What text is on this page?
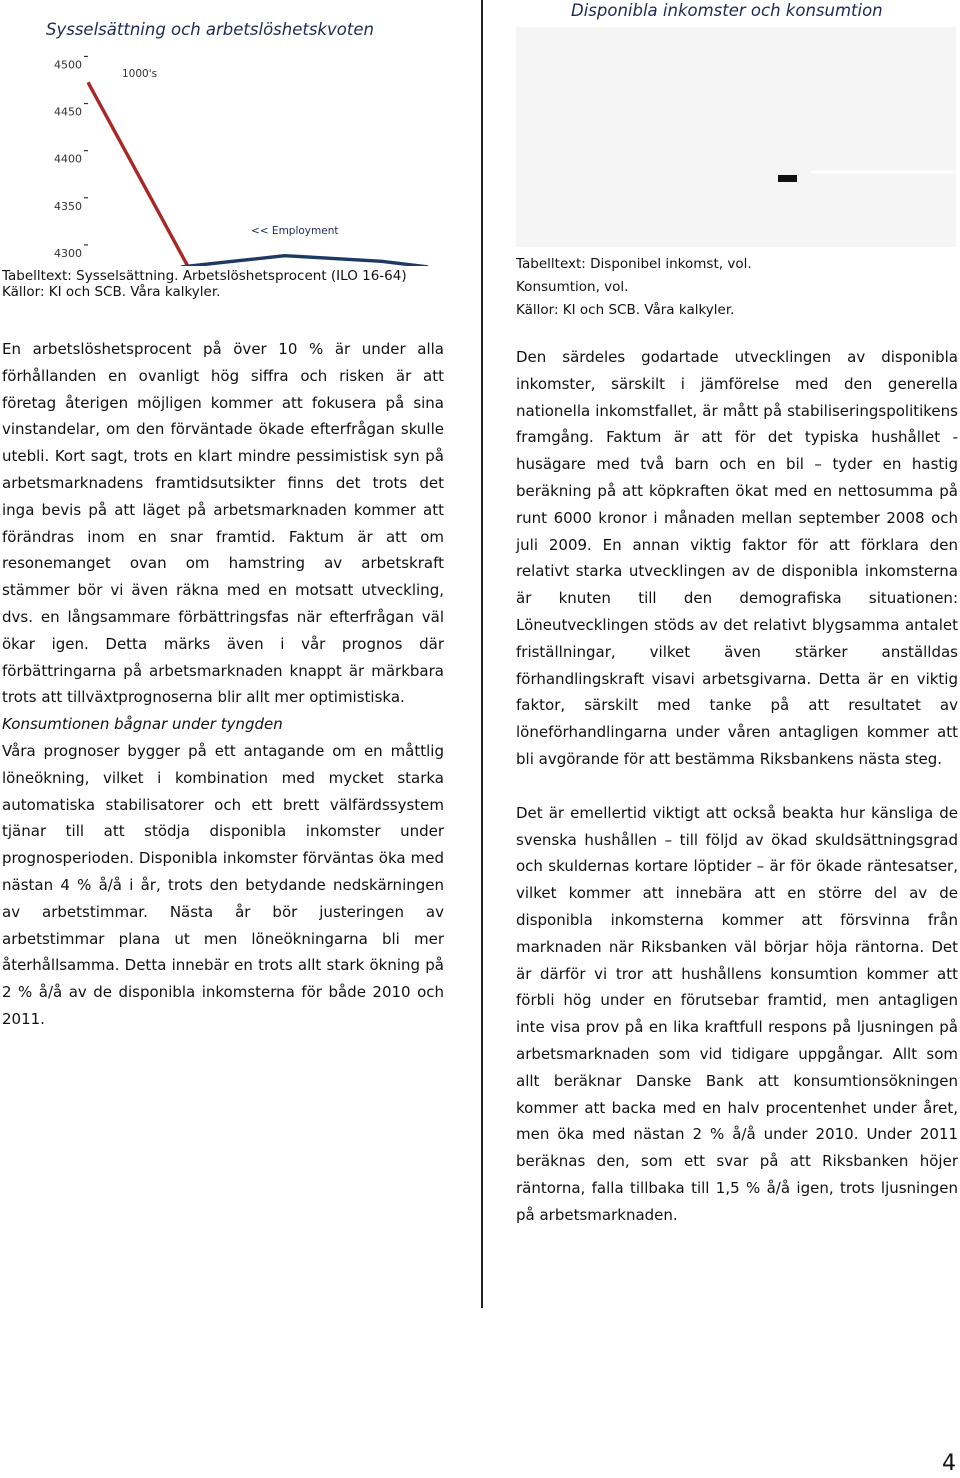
Sysselsättning och arbetslöshetskvoten
Disponibla inkomster och konsumtion
4500
4450
4400
4350
4300
1000's
<< Employment
Tabelltext: Sysselsättning. Arbetslöshetsprocent (ILO 16-64)
Källor: KI och SCB. Våra kalkyler.
Tabelltext: Disponibel inkomst, vol.
Konsumtion, vol.
Källor: KI och SCB. Våra kalkyler.

En arbetslöshetsprocent på över 10 % är under alla förhållanden en ovanligt hög siffra och risken är att företag återigen möjligen kommer att fokusera på sina vinstandelar, om den förväntade ökade efterfrågan skulle utebli. Kort sagt, trots en klart mindre pessimistisk syn på arbetsmarknadens framtidsutsikter finns det trots det inga bevis på att läget på arbetsmarknaden kommer att förändras inom en snar framtid. Faktum är att om resonemanget ovan om hamstring av arbetskraft stämmer bör vi även räkna med en motsatt utveckling, dvs. en långsammare förbättringsfas när efterfrågan väl ökar igen. Detta märks även i vår prognos där förbättringarna på arbetsmarknaden knappt är märkbara trots att tillväxtprognoserna blir allt mer optimistiska.

Konsumtionen bågnar under tyngden

Våra prognoser bygger på ett antagande om en måttlig löneökning, vilket i kombination med mycket starka automatiska stabilisatorer och ett brett välfärdssystem tjänar till att stödja disponibla inkomster under prognosperioden. Disponibla inkomster förväntas öka med nästan 4 % å/å i år, trots den betydande nedskärningen av arbetstimmar. Nästa år bör justeringen av arbetstimmar plana ut men löneökningarna bli mer återhållsamma. Detta innebär en trots allt stark ökning på 2 % å/å av de disponibla inkomsterna för både 2010 och 2011.

Den särdeles godartade utvecklingen av disponibla inkomster, särskilt i jämförelse med den generella nationella inkomstfallet, är mått på stabiliseringspolitikens framgång. Faktum är att för det typiska hushållet - husägare med två barn och en bil – tyder en hastig beräkning på att köpkraften ökat med en nettosumma på runt 6000 kronor i månaden mellan september 2008 och juli 2009. En annan viktig faktor för att förklara den relativt starka utvecklingen av de disponibla inkomsterna är knuten till den demografiska situationen: Löneutvecklingen stöds av det relativt blygsamma antalet friställningar, vilket även stärker anställdas förhandlingskraft visavi arbetsgivarna. Detta är en viktig faktor, särskilt med tanke på att resultatet av löneförhandlingarna under våren antagligen kommer att bli avgörande för att bestämma Riksbankens nästa steg.

Det är emellertid viktigt att också beakta hur känsliga de svenska hushållen – till följd av ökad skuldsättningsgrad och skuldernas kortare löptider – är för ökade räntesatser, vilket kommer att innebära att en större del av de disponibla inkomsterna kommer att försvinna från marknaden när Riksbanken väl börjar höja räntorna. Det är därför vi tror att hushållens konsumtion kommer att förbli hög under en förutsebar framtid, men antagligen inte visa prov på en lika kraftfull respons på ljusningen på arbetsmarknaden som vid tidigare uppgångar. Allt som allt beräknar Danske Bank att konsumtionsökningen kommer att backa med en halv procentenhet under året, men öka med nästan 2 % å/å under 2010. Under 2011 beräknas den, som ett svar på att Riksbanken höjer räntorna, falla tillbaka till 1,5 % å/å igen, trots ljusningen på arbetsmarknaden.

4
